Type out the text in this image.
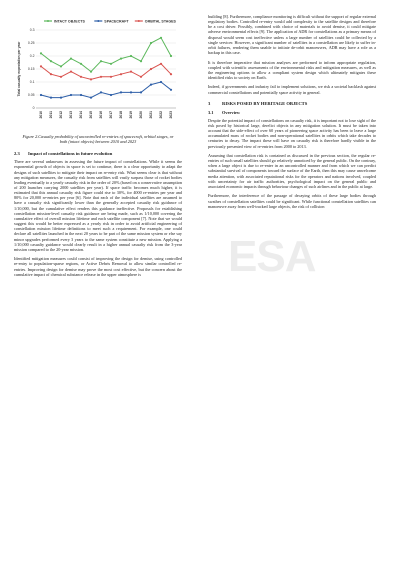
INTACT OBJECTS	SPACECRAFT	ORBITAL STAGES
0
0.05
0.1
0.15
0.2
0.25
0.3
Total casualty expectation per year
2010 2011 2012 2013 2014 2015 2016 2017 2018 2019 2020 2021 2022 2023
Figure 2.Casualty probability of uncontrolled re-entries of spacecraft, orbital stages, or both (intact objects) between 2010 and 2023
2.3 Impact of constellations in future evolution

There are several unknowns in assessing the future impact of constellations. While it seems the exponential growth of objects in space is set to continue, there is a clear opportunity to adapt the designs of such satellites to mitigate their impact on re-entry risk. What seems clear is that without any mitigation measures, the casualty risk from satellites will vastly surpass those of rocket bodies leading eventually to a yearly casualty risk in the order of 20% (based on a conservative assumption of 200 launches carrying 2000 satellites per year). If space traffic becomes much higher, it is estimated that this annual casualty risk figure could rise to 30%, for 4000 re-entries per year and 80% for 20,000 re-entries per year [6]. Note that each of the individual satellites are assumed to have a casualty risk significantly lower than the generally accepted casualty risk guidance of 1/10,000, but the cumulative effect renders this guidance ineffective. Proposals for establishing constellation mission-level casualty risk guidance are being made, such as 1/10,000 covering the cumulative effect of overall mission lifetime and each satellite component [7]. Note that we would suggest this would be better expressed as a yearly risk in order to avoid artificial engineering of constellation mission lifetime definitions to meet such a requirement. For example, one could declare all satellites launched in the next 20 years to be part of the same mission system or else say minor upgrades performed every 3 years to the same system constitute a new mission. Applying a 1/10,000 casualty guidance would clearly result in a higher annual casualty risk from the 3-year mission compared to the 20-year mission.

Identified mitigation measures could consist of improving the design for demise, using controlled re-entry to population-sparse regions, or Active Debris Removal to allow similar controlled re-entries. Improving design for demise may prove the most cost effective, but the concern about the cumulative impact of chemical substance release in the upper atmosphere is

building [8]. Furthermore, compliance monitoring is difficult without the support of regular external regulatory bodies. Controlled re-entry would add complexity to the satellite designs and therefore be a cost driver. Possibly, combined with choice of materials to avoid demise, it could mitigate adverse environmental effects [9]. The application of ADR for constellations as a primary means of disposal would seem cost ineffective unless a large number of satellites could be collected by a single servicer. However, a significant number of satellites in a constellation are likely to suffer in-orbit failures, rendering them unable to initiate de-orbit manoeuvres, ADR may have a role as a backup in this case.

It is therefore imperative that mission analyses are performed to inform appropriate regulation, coupled with scientific assessments of the environmental risks and mitigation measures, as well as the engineering options to allow a compliant system design which ultimately mitigates these identified risks to society on Earth.

Indeed, if governments and industry fail to implement solutions, we risk a societal backlash against commercial constellations and potentially space activity in general.

3	RISKS POSED BY HERITAGE OBJECTS
3.1 Overview

Despite the potential impact of constellations on casualty risk, it is important not to lose sight of the risk posed by historical large, derelict objects in any mitigation solution. It must be taken into account that the side-effect of over 60 years of pioneering space activity has been to leave a large accumulated mass of rocket bodies and non-operational satellites in orbits which take decades to centuries to decay. The impact these will have on casualty risk is therefore hardly visible in the previously presented view of re-entries from 2000 to 2013.

Assuming that constellation risk is contained as discussed in the previous section, the regular re-entries of such small satellites should go relatively unnoticed by the general public. On the contrary, when a large object is due to re-enter in an uncontrolled manner and from which we can predict substantial survival of components toward the surface of the Earth, then this may cause unwelcome media attention, with associated reputational risks for the operators and nations involved, coupled with uncertainty for air traffic authorities, psychological impact on the general public and associated economic impacts through behaviour changes of such airlines and in the public at large.

Furthermore, the interference of the passage of decaying orbits of these large bodies through swathes of constellation satellites could be significant. While functional constellation satellites can manoeuvre away from well-tracked large objects, the risk of collision

ESA
